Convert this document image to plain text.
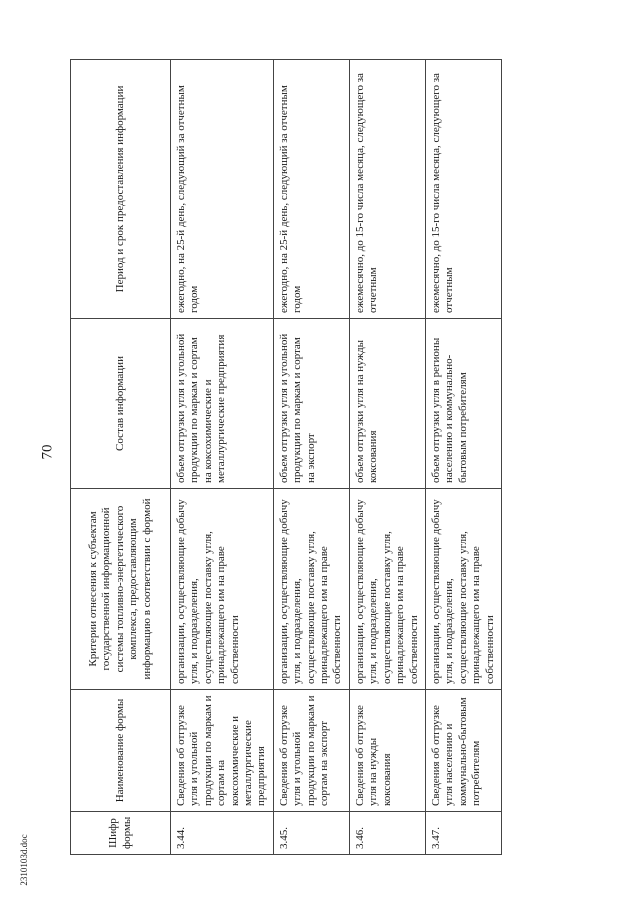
70
Шифр формы	Наименование формы	Критерии отнесения к субъектам государственной информационной системы топливно-энергетического комплекса, предоставляющим информацию в соответствии с формой	Состав информации	Период и срок предоставления информации
3.44.	Сведения об отгрузке угля и угольной продукции по маркам и сортам на коксохимические и металлургические предприятия	организации, осуществляющие добычу угля, и подразделения, осуществляющие поставку угля, принадлежащего им на праве собственности	объем отгрузки угля и угольной продукции по маркам и сортам на коксохимические и металлургические предприятия	ежегодно, на 25-й день, следующий за отчетным годом
3.45.	Сведения об отгрузке угля и угольной продукции по маркам и сортам на экспорт	организации, осуществляющие добычу угля, и подразделения, осуществляющие поставку угля, принадлежащего им на праве собственности	объем отгрузки угля и угольной продукции по маркам и сортам на экспорт	ежегодно, на 25-й день, следующий за отчетным годом
3.46.	Сведения об отгрузке угля на нужды коксования	организации, осуществляющие добычу угля, и подразделения, осуществляющие поставку угля, принадлежащего им на праве собственности	объем отгрузки угля на нужды коксования	ежемесячно, до 15-го числа месяца, следующего за отчетным
3.47.	Сведения об отгрузке угля населению и коммунально-бытовым потребителям	организации, осуществляющие добычу угля, и подразделения, осуществляющие поставку угля, принадлежащего им на праве собственности	объем отгрузки угля в регионы населению и коммунально-бытовым потребителям	ежемесячно, до 15-го числа месяца, следующего за отчетным
2310103d.doc
